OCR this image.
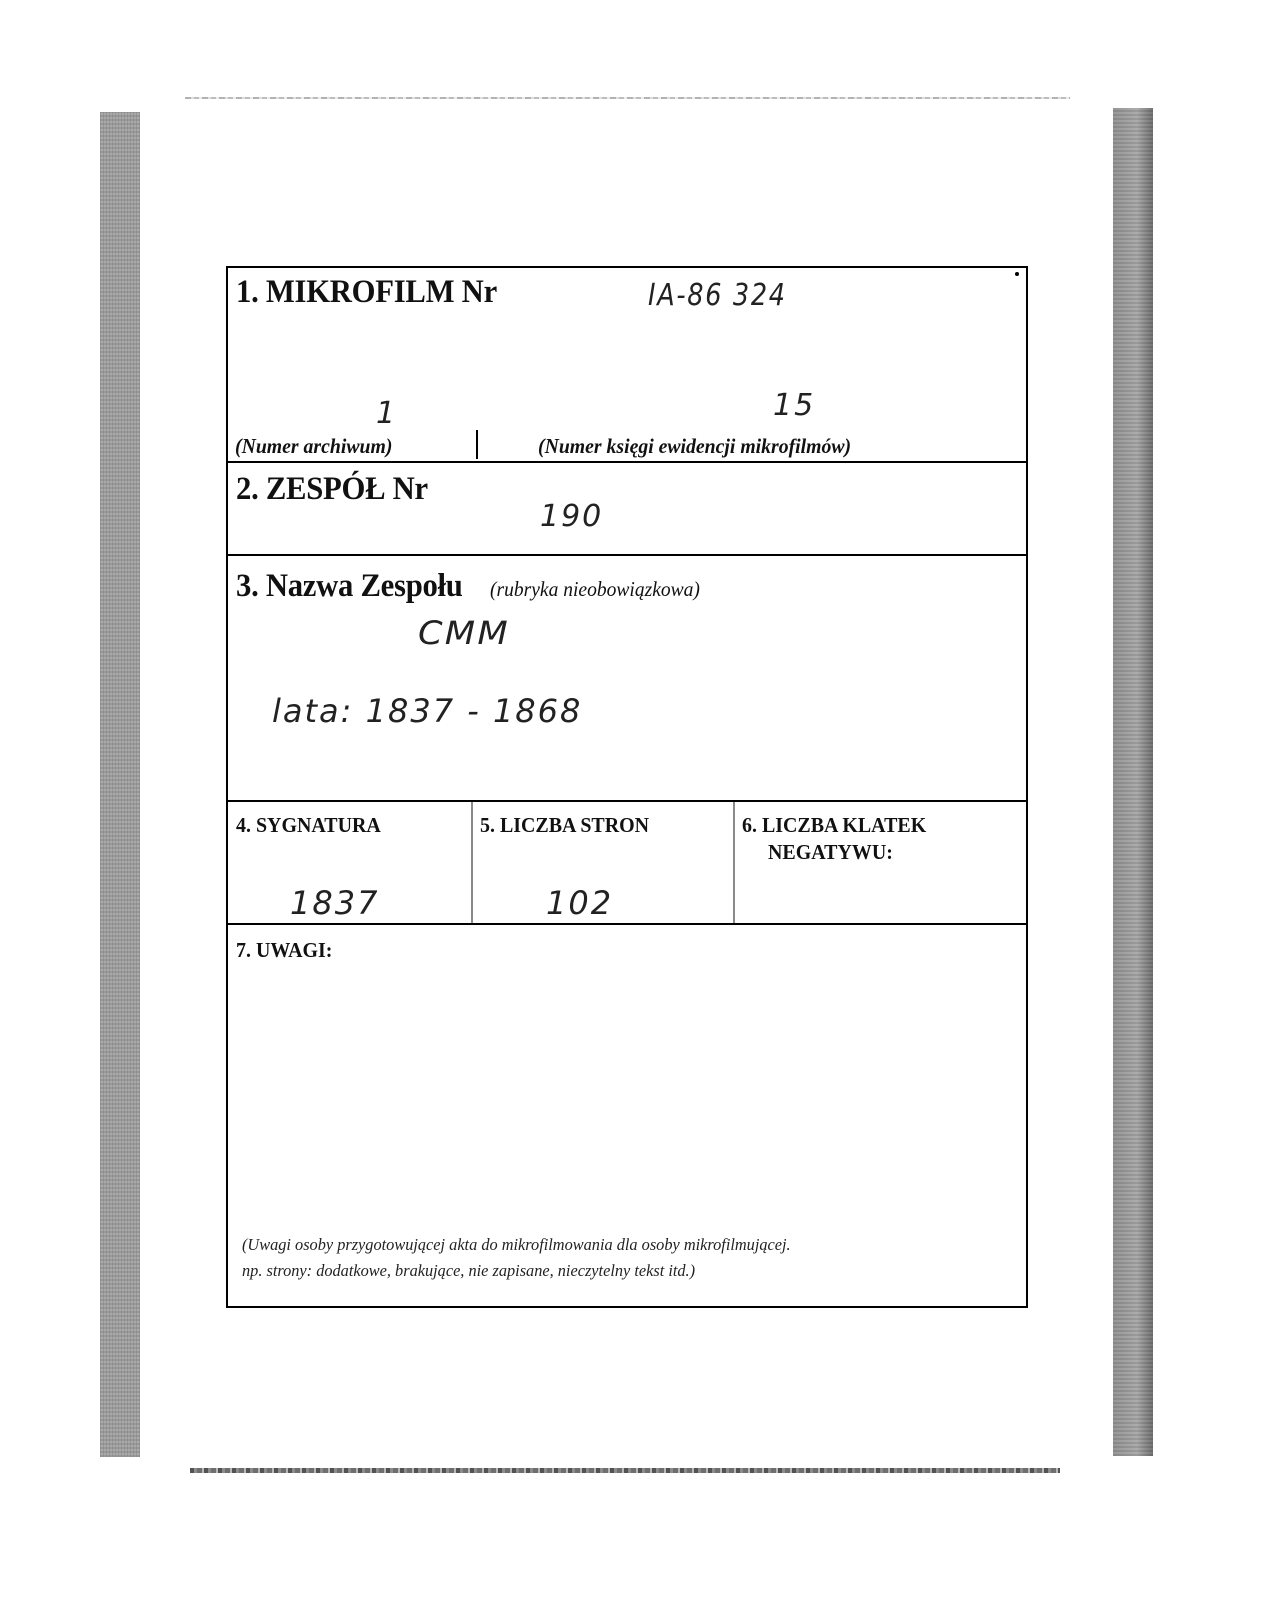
1. MIKROFILM Nr	IA-86 324
1
(Numer archiwum)
15
(Numer księgi ewidencji mikrofilmów)
2. ZESPÓŁ Nr
190
3. Nazwa Zespołu (rubryka nieobowiązkowa)
CMM
lata: 1837 - 1868
4. SYGNATURA
1837
5. LICZBA STRON
102
6. LICZBA KLATEK
NEGATYWU:
7. UWAGI:
(Uwagi osoby przygotowującej akta do mikrofilmowania dla osoby mikrofilmującej.
np. strony: dodatkowe, brakujące, nie zapisane, nieczytelny tekst itd.)
